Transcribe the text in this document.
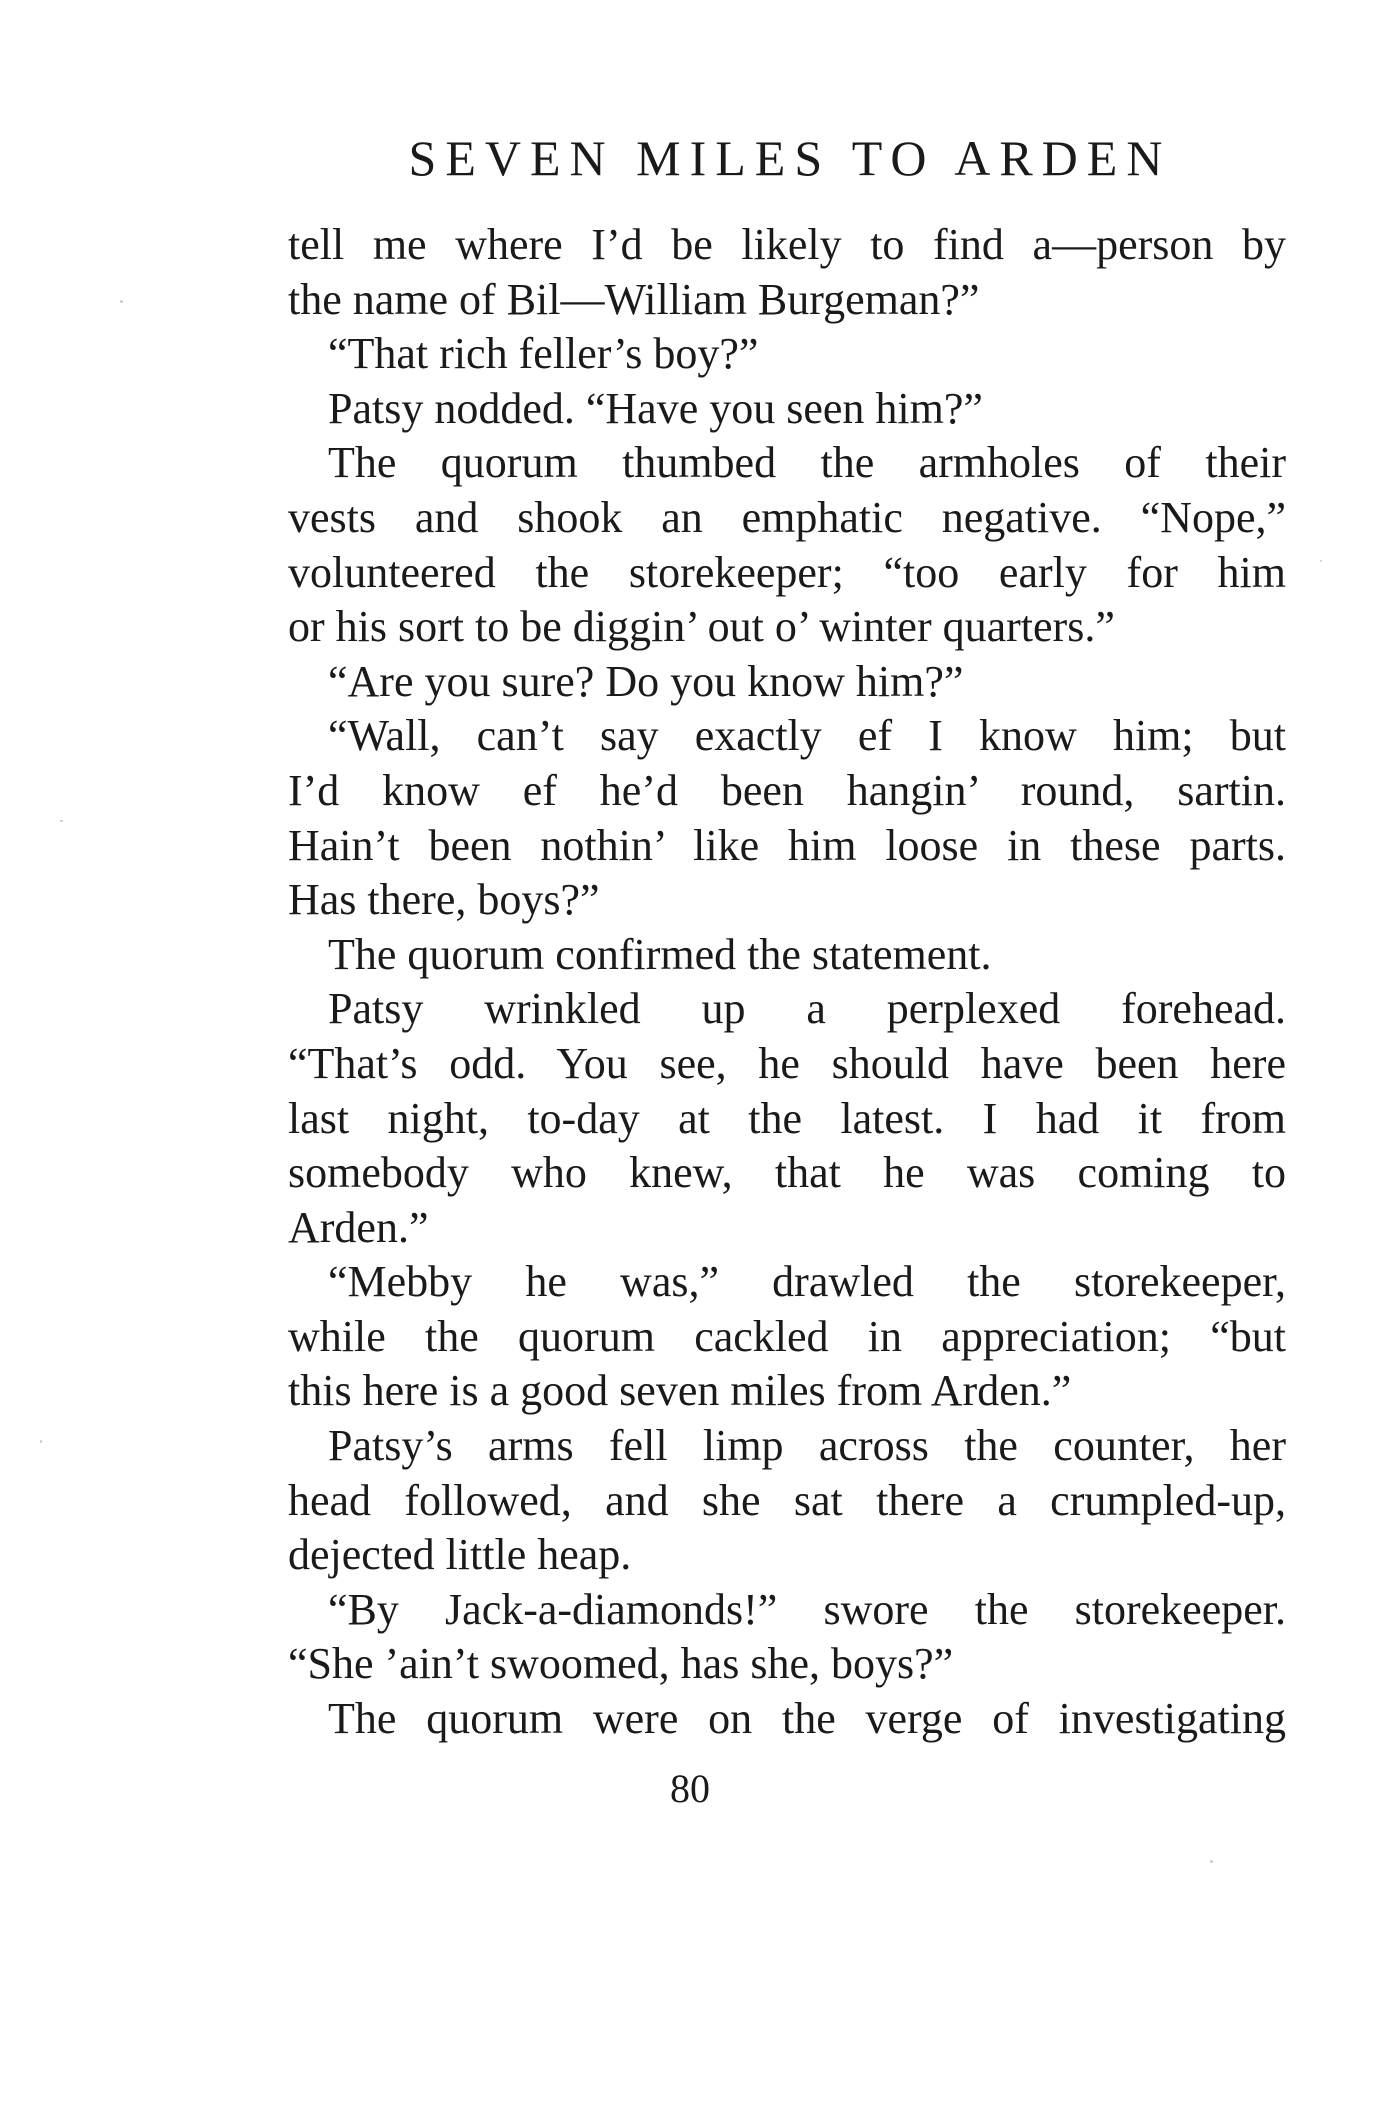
SEVEN MILES TO ARDEN
tell me where I’d be likely to find a—person by
the name of Bil—William Burgeman?”
“That rich feller’s boy?”
Patsy nodded. “Have you seen him?”
The quorum thumbed the armholes of their
vests and shook an emphatic negative. “Nope,”
volunteered the storekeeper; “too early for him
or his sort to be diggin’ out o’ winter quarters.”
“Are you sure? Do you know him?”
“Wall, can’t say exactly ef I know him; but
I’d know ef he’d been hangin’ round, sartin.
Hain’t been nothin’ like him loose in these parts.
Has there, boys?”
The quorum confirmed the statement.
Patsy wrinkled up a perplexed forehead.
“That’s odd. You see, he should have been here
last night, to-day at the latest. I had it from
somebody who knew, that he was coming to
Arden.”
“Mebby he was,” drawled the storekeeper,
while the quorum cackled in appreciation; “but
this here is a good seven miles from Arden.”
Patsy’s arms fell limp across the counter, her
head followed, and she sat there a crumpled-up,
dejected little heap.
“By Jack-a-diamonds!” swore the storekeeper.
“She ’ain’t swoomed, has she, boys?”
The quorum were on the verge of investigating
80
